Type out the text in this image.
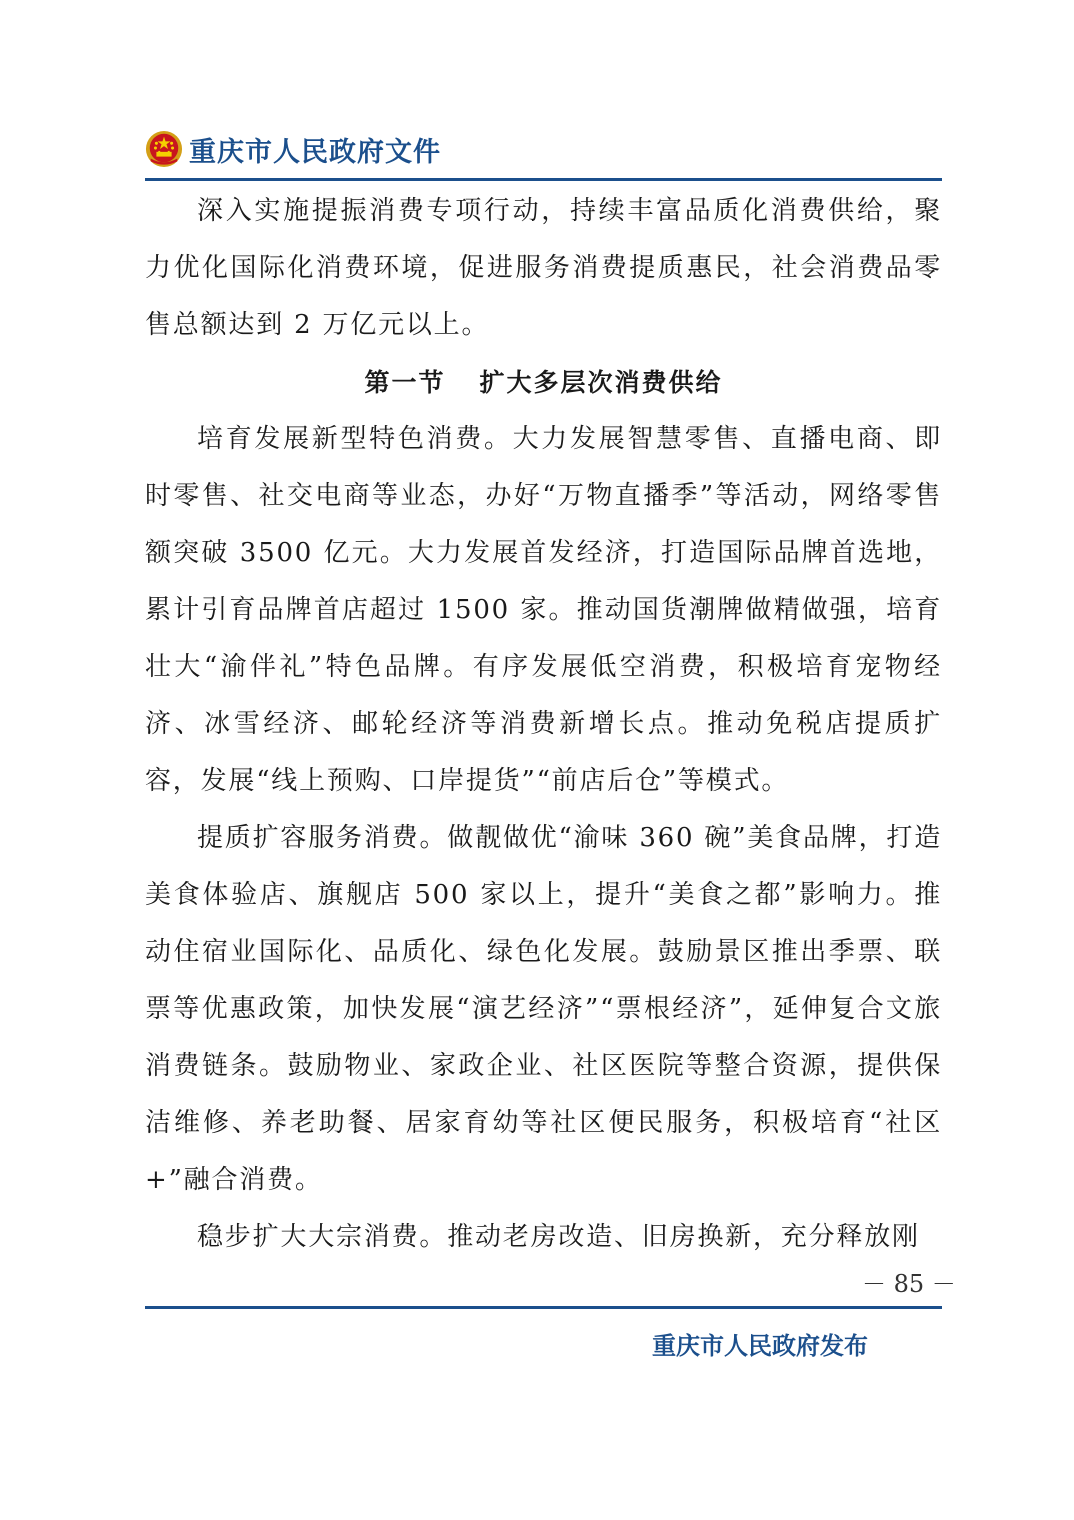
重庆市人民政府文件

深入实施提振消费专项行动，持续丰富品质化消费供给，聚力优化国际化消费环境，促进服务消费提质惠民，社会消费品零售总额达到 2 万亿元以上。

第一节 扩大多层次消费供给

培育发展新型特色消费。大力发展智慧零售、直播电商、即时零售、社交电商等业态，办好“万物直播季”等活动，网络零售额突破 3500 亿元。大力发展首发经济，打造国际品牌首选地，累计引育品牌首店超过 1500 家。推动国货潮牌做精做强，培育壮大“渝伴礼”特色品牌。有序发展低空消费，积极培育宠物经济、冰雪经济、邮轮经济等消费新增长点。推动免税店提质扩容，发展“线上预购、口岸提货”“前店后仓”等模式。

提质扩容服务消费。做靓做优“渝味 360 碗”美食品牌，打造美食体验店、旗舰店 500 家以上，提升“美食之都”影响力。推动住宿业国际化、品质化、绿色化发展。鼓励景区推出季票、联票等优惠政策，加快发展“演艺经济”“票根经济”，延伸复合文旅消费链条。鼓励物业、家政企业、社区医院等整合资源，提供保洁维修、养老助餐、居家育幼等社区便民服务，积极培育“社区+”融合消费。

稳步扩大大宗消费。推动老房改造、旧房换新，充分释放刚

－ 85 －
重庆市人民政府发布
